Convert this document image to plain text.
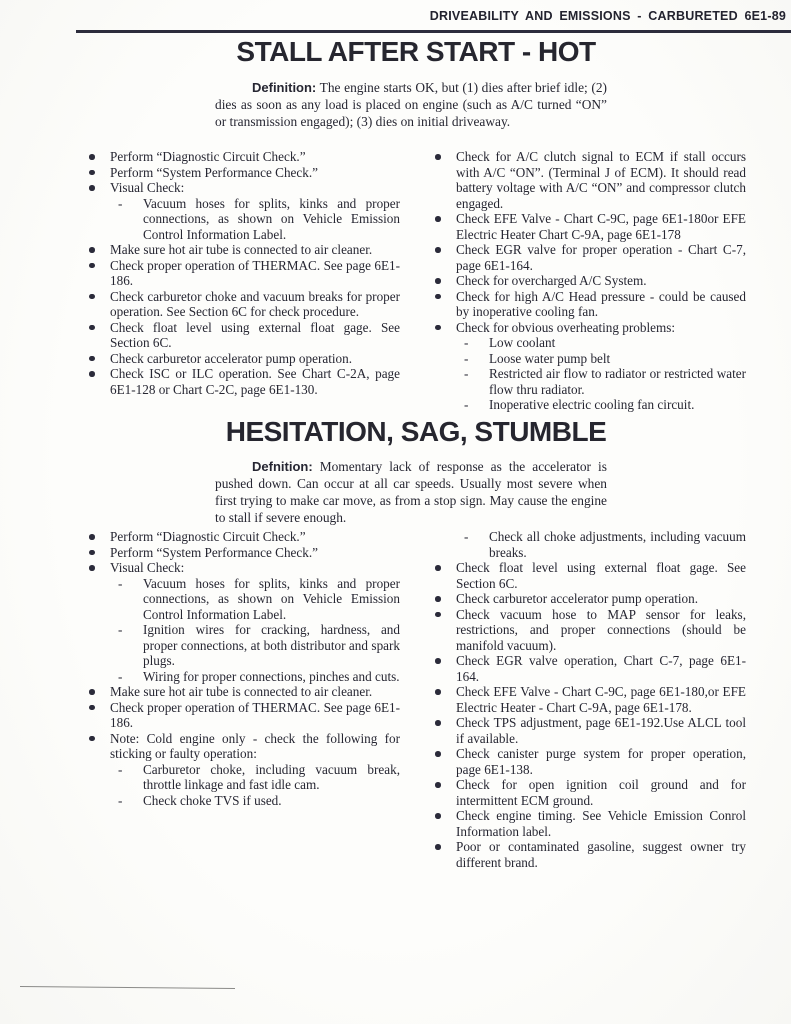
DRIVEABILITY AND EMISSIONS - CARBURETED 6E1-89
STALL AFTER START - HOT

Definition: The engine starts OK, but (1) dies after brief idle; (2) dies as soon as any load is placed on engine (such as A/C turned “ON” or transmission engaged); (3) dies on initial driveaway.

Perform “Diagnostic Circuit Check.”
Perform “System Performance Check.”
Visual Check:
- Vacuum hoses for splits, kinks and proper connections, as shown on Vehicle Emission Control Information Label.
Make sure hot air tube is connected to air cleaner.
Check proper operation of THERMAC. See page 6E1-186.
Check carburetor choke and vacuum breaks for proper operation. See Section 6C for check procedure.
Check float level using external float gage. See Section 6C.
Check carburetor accelerator pump operation.
Check ISC or ILC operation. See Chart C-2A, page 6E1-128 or Chart C-2C, page 6E1-130.
Check for A/C clutch signal to ECM if stall occurs with A/C “ON”. (Terminal J of ECM). It should read battery voltage with A/C “ON” and compressor clutch engaged.
Check EFE Valve - Chart C-9C, page 6E1-180or EFE Electric Heater Chart C-9A, page 6E1-178
Check EGR valve for proper operation - Chart C-7, page 6E1-164.
Check for overcharged A/C System.
Check for high A/C Head pressure - could be caused by inoperative cooling fan.
Check for obvious overheating problems:
- Low coolant
- Loose water pump belt
- Restricted air flow to radiator or restricted water flow thru radiator.
- Inoperative electric cooling fan circuit.
HESITATION, SAG, STUMBLE

Defnition: Momentary lack of response as the accelerator is pushed down. Can occur at all car speeds. Usually most severe when first trying to make car move, as from a stop sign. May cause the engine to stall if severe enough.

Perform “Diagnostic Circuit Check.”
Perform “System Performance Check.”
Visual Check:
- Vacuum hoses for splits, kinks and proper connections, as shown on Vehicle Emission Control Information Label.
- Ignition wires for cracking, hardness, and proper connections, at both distributor and spark plugs.
- Wiring for proper connections, pinches and cuts.
Make sure hot air tube is connected to air cleaner.
Check proper operation of THERMAC. See page 6E1-186.
Note: Cold engine only - check the following for sticking or faulty operation:
- Carburetor choke, including vacuum break, throttle linkage and fast idle cam.
- Check choke TVS if used.
- Check all choke adjustments, including vacuum breaks.
Check float level using external float gage. See Section 6C.
Check carburetor accelerator pump operation.
Check vacuum hose to MAP sensor for leaks, restrictions, and proper connections (should be manifold vacuum).
Check EGR valve operation, Chart C-7, page 6E1-164.
Check EFE Valve - Chart C-9C, page 6E1-180,or EFE Electric Heater - Chart C-9A, page 6E1-178.
Check TPS adjustment, page 6E1-192.Use ALCL tool if available.
Check canister purge system for proper operation, page 6E1-138.
Check for open ignition coil ground and for intermittent ECM ground.
Check engine timing. See Vehicle Emission Conrol Information label.
Poor or contaminated gasoline, suggest owner try different brand.
